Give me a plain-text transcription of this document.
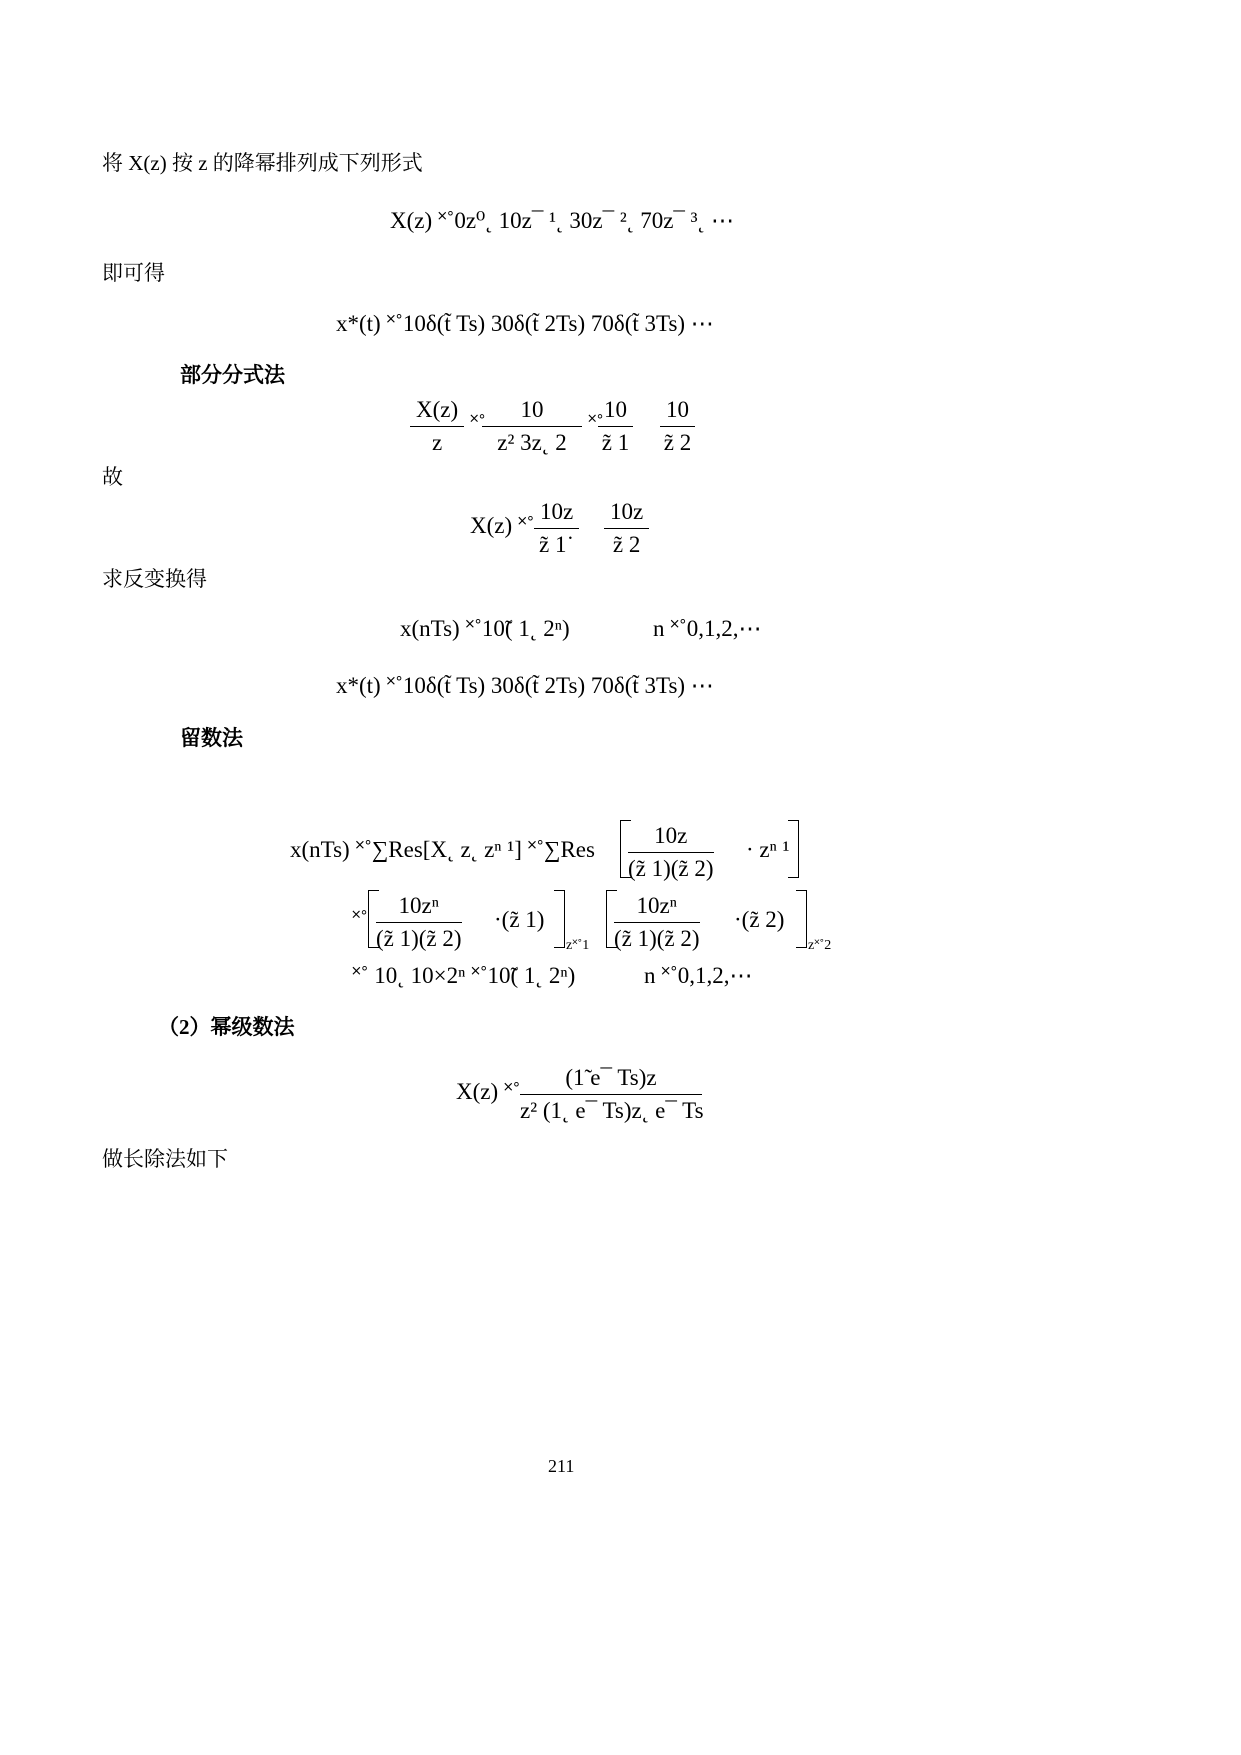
将 X(z) 按 z 的降幂排列成下列形式
X(z) ˟˚0z⁰˛ 10z¯ ¹˛ 30z¯ ²˛ 70z¯ ³˛ ⋯
即可得
x*(t) ˟˚10δ(t̃ Ts) 30δ(t̃ 2Ts) 70δ(t̃ 3Ts) ⋯
部分分式法
$\frac{X(z)}{z}$ ˟˚
$\frac{10}{\text{z² 3z˛ 2}}$ ˟˚
$\frac{10}{z̃ 1} \frac{10}{z̃ 2}$
故
X(z) ˟˚ $\frac{10z}{z̃ 1˙} \frac{10z}{z̃ 2}$
求反变换得
x(nTs) ˟˚10̃( 1˛ 2ⁿ)	n ˟˚0,1,2,⋯
x*(t) ˟˚10δ(t̃ Ts) 30δ(t̃ 2Ts) 70δ(t̃ 3Ts) ⋯
留数法
x(nTs) ˟˚∑Res[X˛ z˛ zⁿ ¹] ˟˚∑Res $\frac{10z}{(z̃ 1)(z̃ 2)} \cdot z^n$ ¹
˟˚ $\frac{\text{10zⁿ}}{(z̃ 1)(z̃ 2)}$ ·(z̃ 1)
z˟˚1 $\frac{\text{10zⁿ}}{(z̃ 1)(z̃ 2)}$ ·(z̃ 2)
z˟˚2
˟˚ 10˛ 10×2ⁿ ˟˚10̃( 1˛ 2ⁿ)	n ˟˚0,1,2,⋯
（2）幂级数法
X(z) ˟˚ $\frac{(1̃ e¯ Ts)z}{\text{z² (1˛ e¯ Ts)z˛ e¯ Ts}}$
做长除法如下
211
